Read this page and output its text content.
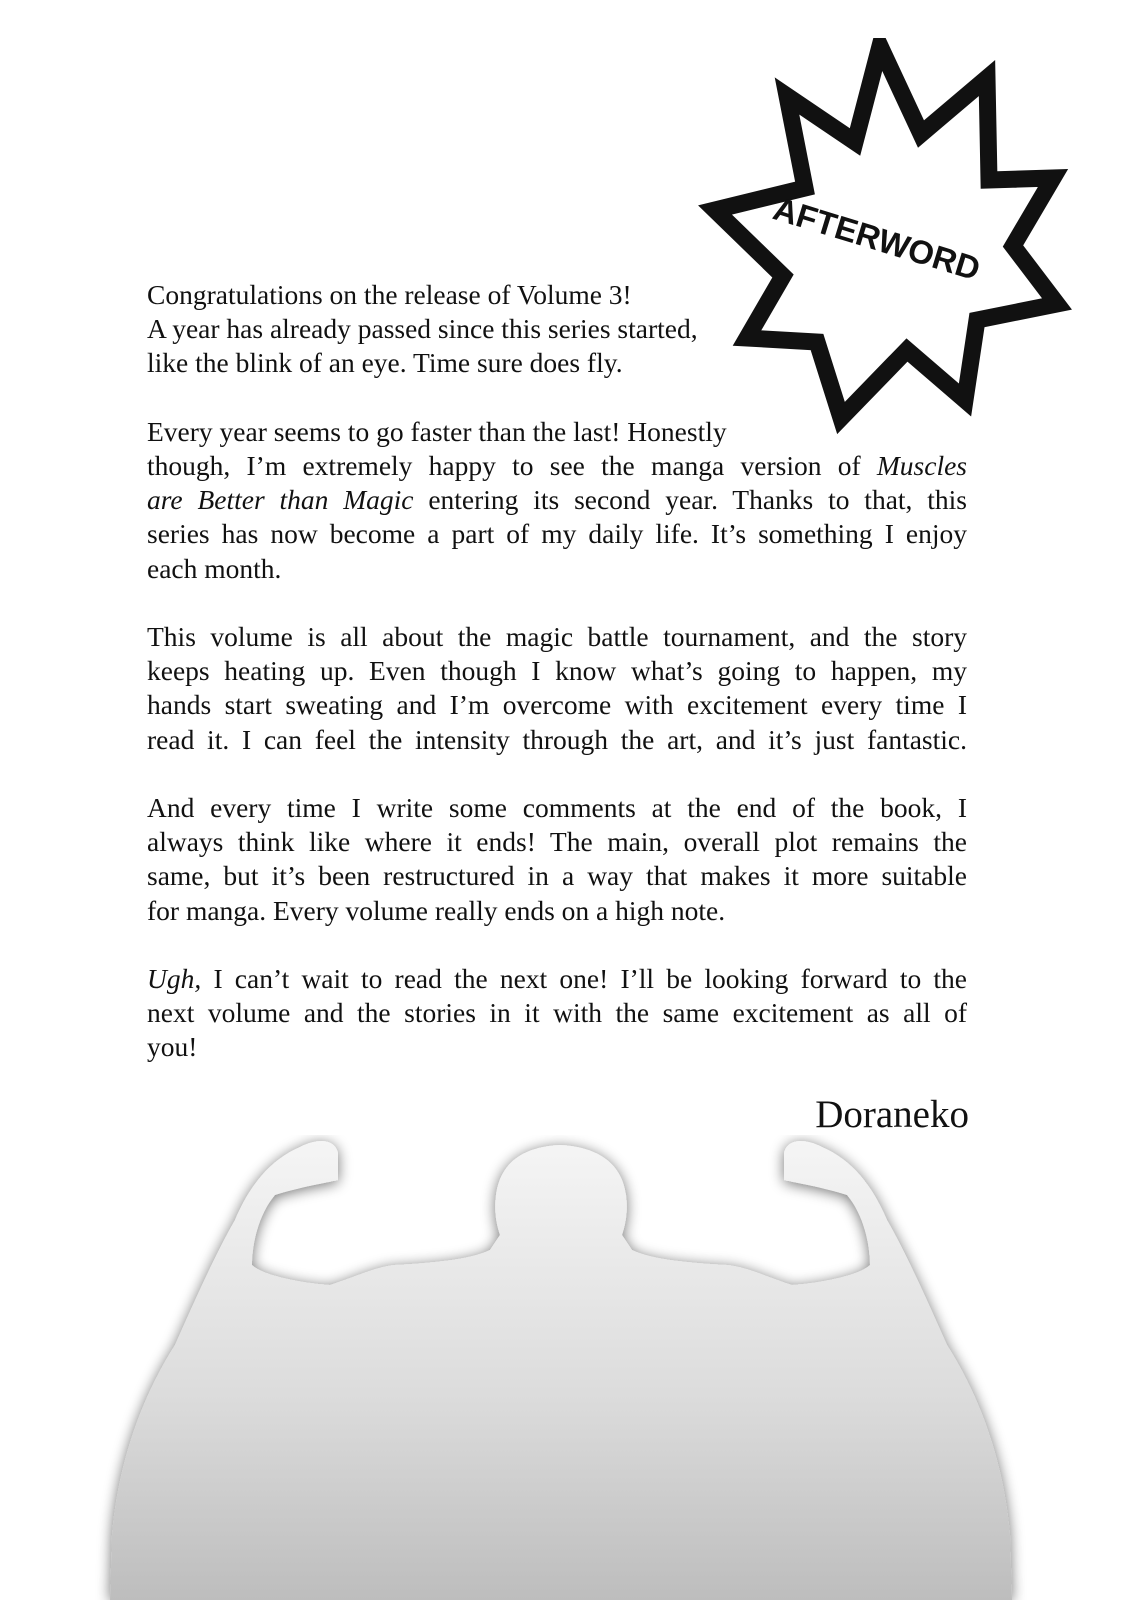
AFTERWORD

Congratulations on the release of Volume 3!
A year has already passed since this series started,
like the blink of an eye. Time sure does fly.

Every year seems to go faster than the last! Honestly
though, I’m extremely happy to see the manga version of Muscles
are Better than Magic entering its second year. Thanks to that, this
series has now become a part of my daily life. It’s something I enjoy
each month.

This volume is all about the magic battle tournament, and the story
keeps heating up. Even though I know what’s going to happen, my
hands start sweating and I’m overcome with excitement every time I
read it. I can feel the intensity through the art, and it’s just fantastic.

And every time I write some comments at the end of the book, I
always think like where it ends! The main, overall plot remains the
same, but it’s been restructured in a way that makes it more suitable
for manga. Every volume really ends on a high note.

Ugh, I can’t wait to read the next one! I’ll be looking forward to the
next volume and the stories in it with the same excitement as all of
you!

Doraneko
